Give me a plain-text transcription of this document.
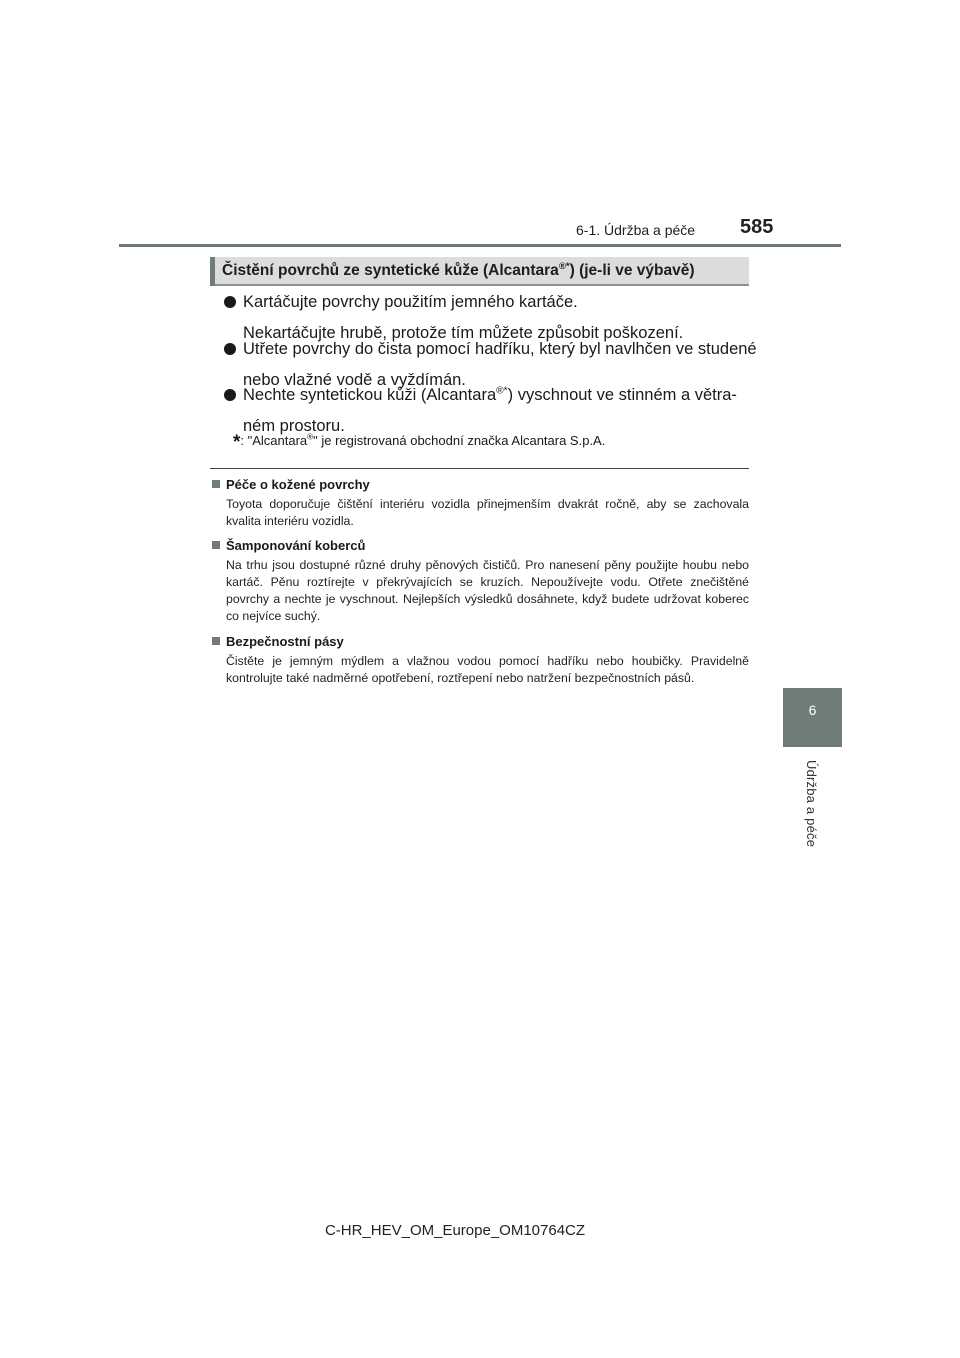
6-1. Údržba a péče 585
6
Údržba a péče
Čistění povrchů ze syntetické kůže (Alcantara®*) (je-li ve výbavě)
Kartáčujte povrchy použitím jemného kartáče.
Nekartáčujte hrubě, protože tím můžete způsobit poškození.
Utřete povrchy do čista pomocí hadříku, který byl navlhčen ve studené
nebo vlažné vodě a vyždímán.
Nechte syntetickou kůži (Alcantara®*) vyschnout ve stinném a větra-
ném prostoru.
*: "Alcantara®" je registrovaná obchodní značka Alcantara S.p.A.
Péče o kožené povrchy
Toyota doporučuje čištění interiéru vozidla přinejmenším dvakrát ročně, aby se zachovala kvalita interiéru vozidla.
Šamponování koberců
Na trhu jsou dostupné různé druhy pěnových čističů. Pro nanesení pěny použijte houbu nebo kartáč. Pěnu roztírejte v překrývajících se kruzích. Nepoužívejte vodu. Otřete znečištěné povrchy a nechte je vyschnout. Nejlepších výsledků dosáhnete, když budete udržovat koberec co nejvíce suchý.
Bezpečnostní pásy
Čistěte je jemným mýdlem a vlažnou vodou pomocí hadříku nebo houbičky. Pravidelně kontrolujte také nadměrné opotřebení, roztřepení nebo natržení bezpečnostních pásů.
C-HR_HEV_OM_Europe_OM10764CZ
